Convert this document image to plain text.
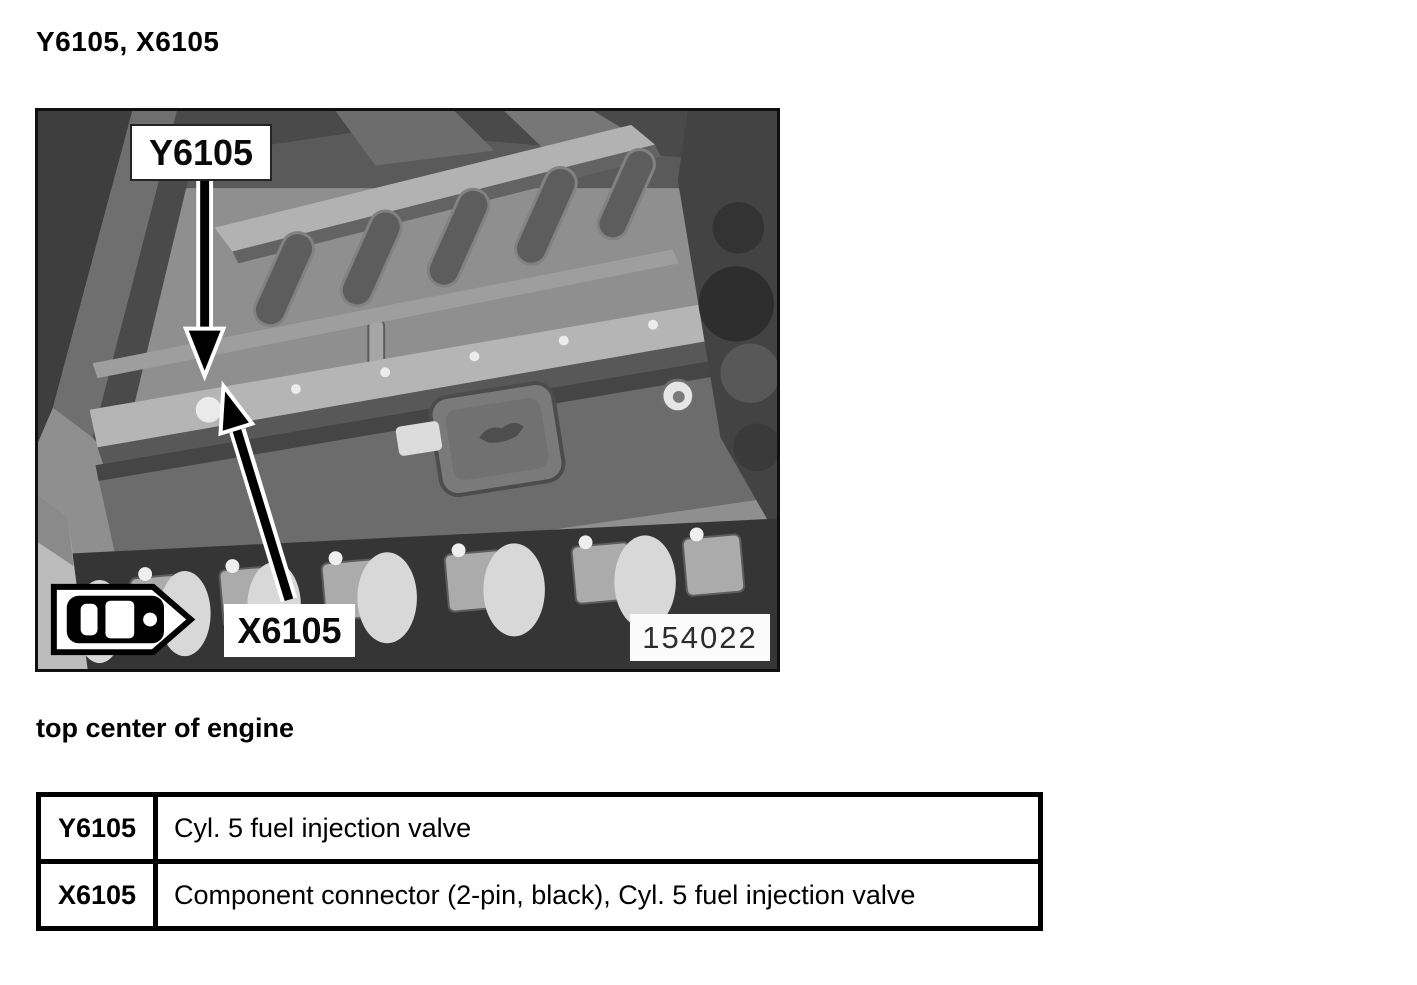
Y6105, X6105
Y6105
X6105	154022

top center of engine

Y6105	Cyl. 5 fuel injection valve
X6105	Component connector (2-pin, black), Cyl. 5 fuel injection valve
